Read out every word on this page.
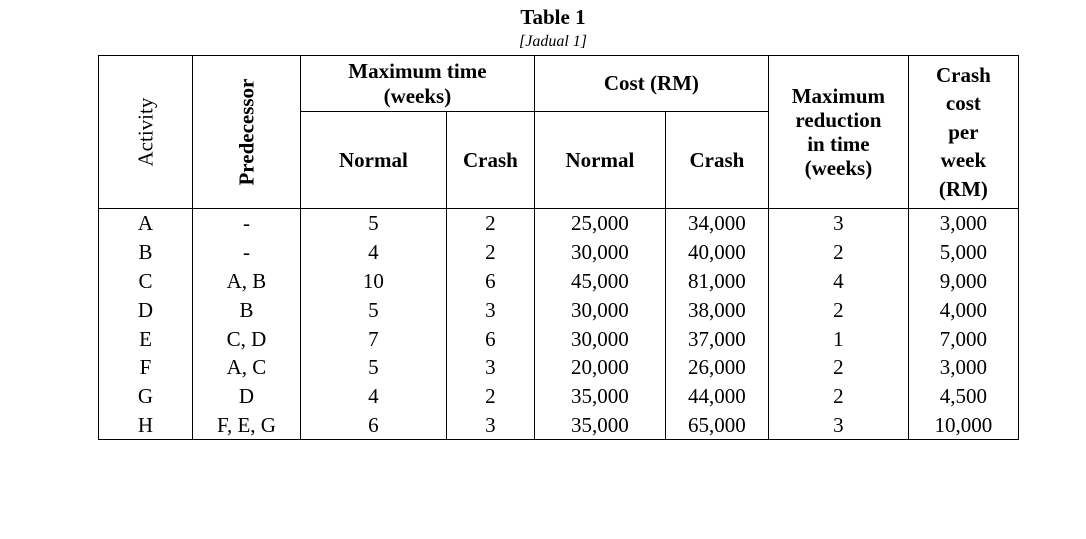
Table 1
[Jadual 1]
Activity	Predecessor	Maximum time (weeks)		Cost (RM)		Maximum reduction in time (weeks)	Crash cost per week (RM)
		Normal	Crash	Normal	Crash		
A	-	5	2	25,000	34,000	3	3,000
B	-	4	2	30,000	40,000	2	5,000
C	A, B	10	6	45,000	81,000	4	9,000
D	B	5	3	30,000	38,000	2	4,000
E	C, D	7	6	30,000	37,000	1	7,000
F	A, C	5	3	20,000	26,000	2	3,000
G	D	4	2	35,000	44,000	2	4,500
H	F, E, G	6	3	35,000	65,000	3	10,000
